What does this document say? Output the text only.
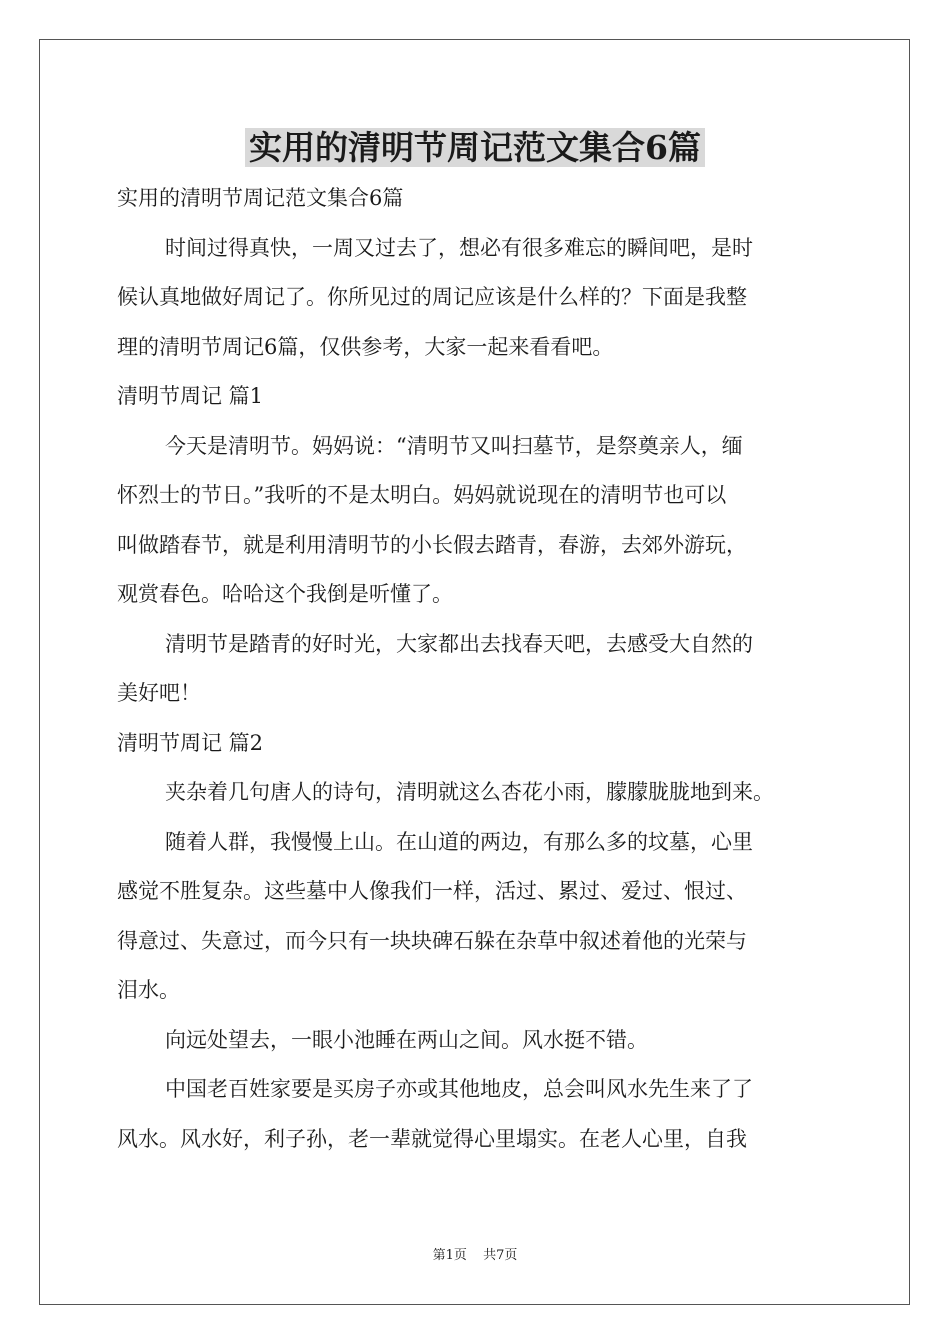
实用的清明节周记范文集合6篇
实用的清明节周记范文集合6篇
时间过得真快，一周又过去了，想必有很多难忘的瞬间吧，是时
候认真地做好周记了。你所见过的周记应该是什么样的？下面是我整
理的清明节周记6篇，仅供参考，大家一起来看看吧。
清明节周记 篇1
今天是清明节。妈妈说：“清明节又叫扫墓节，是祭奠亲人，缅
怀烈士的节日。”我听的不是太明白。妈妈就说现在的清明节也可以
叫做踏春节，就是利用清明节的小长假去踏青，春游，去郊外游玩，
观赏春色。哈哈这个我倒是听懂了。
清明节是踏青的好时光，大家都出去找春天吧，去感受大自然的
美好吧！
清明节周记 篇2
夹杂着几句唐人的诗句，清明就这么杏花小雨，朦朦胧胧地到来。
随着人群，我慢慢上山。在山道的两边，有那么多的坟墓，心里
感觉不胜复杂。这些墓中人像我们一样，活过、累过、爱过、恨过、
得意过、失意过，而今只有一块块碑石躲在杂草中叙述着他的光荣与
泪水。
向远处望去，一眼小池睡在两山之间。风水挺不错。
中国老百姓家要是买房子亦或其他地皮，总会叫风水先生来了了
风水。风水好，利子孙，老一辈就觉得心里塌实。在老人心里，自我
第1页 共7页
